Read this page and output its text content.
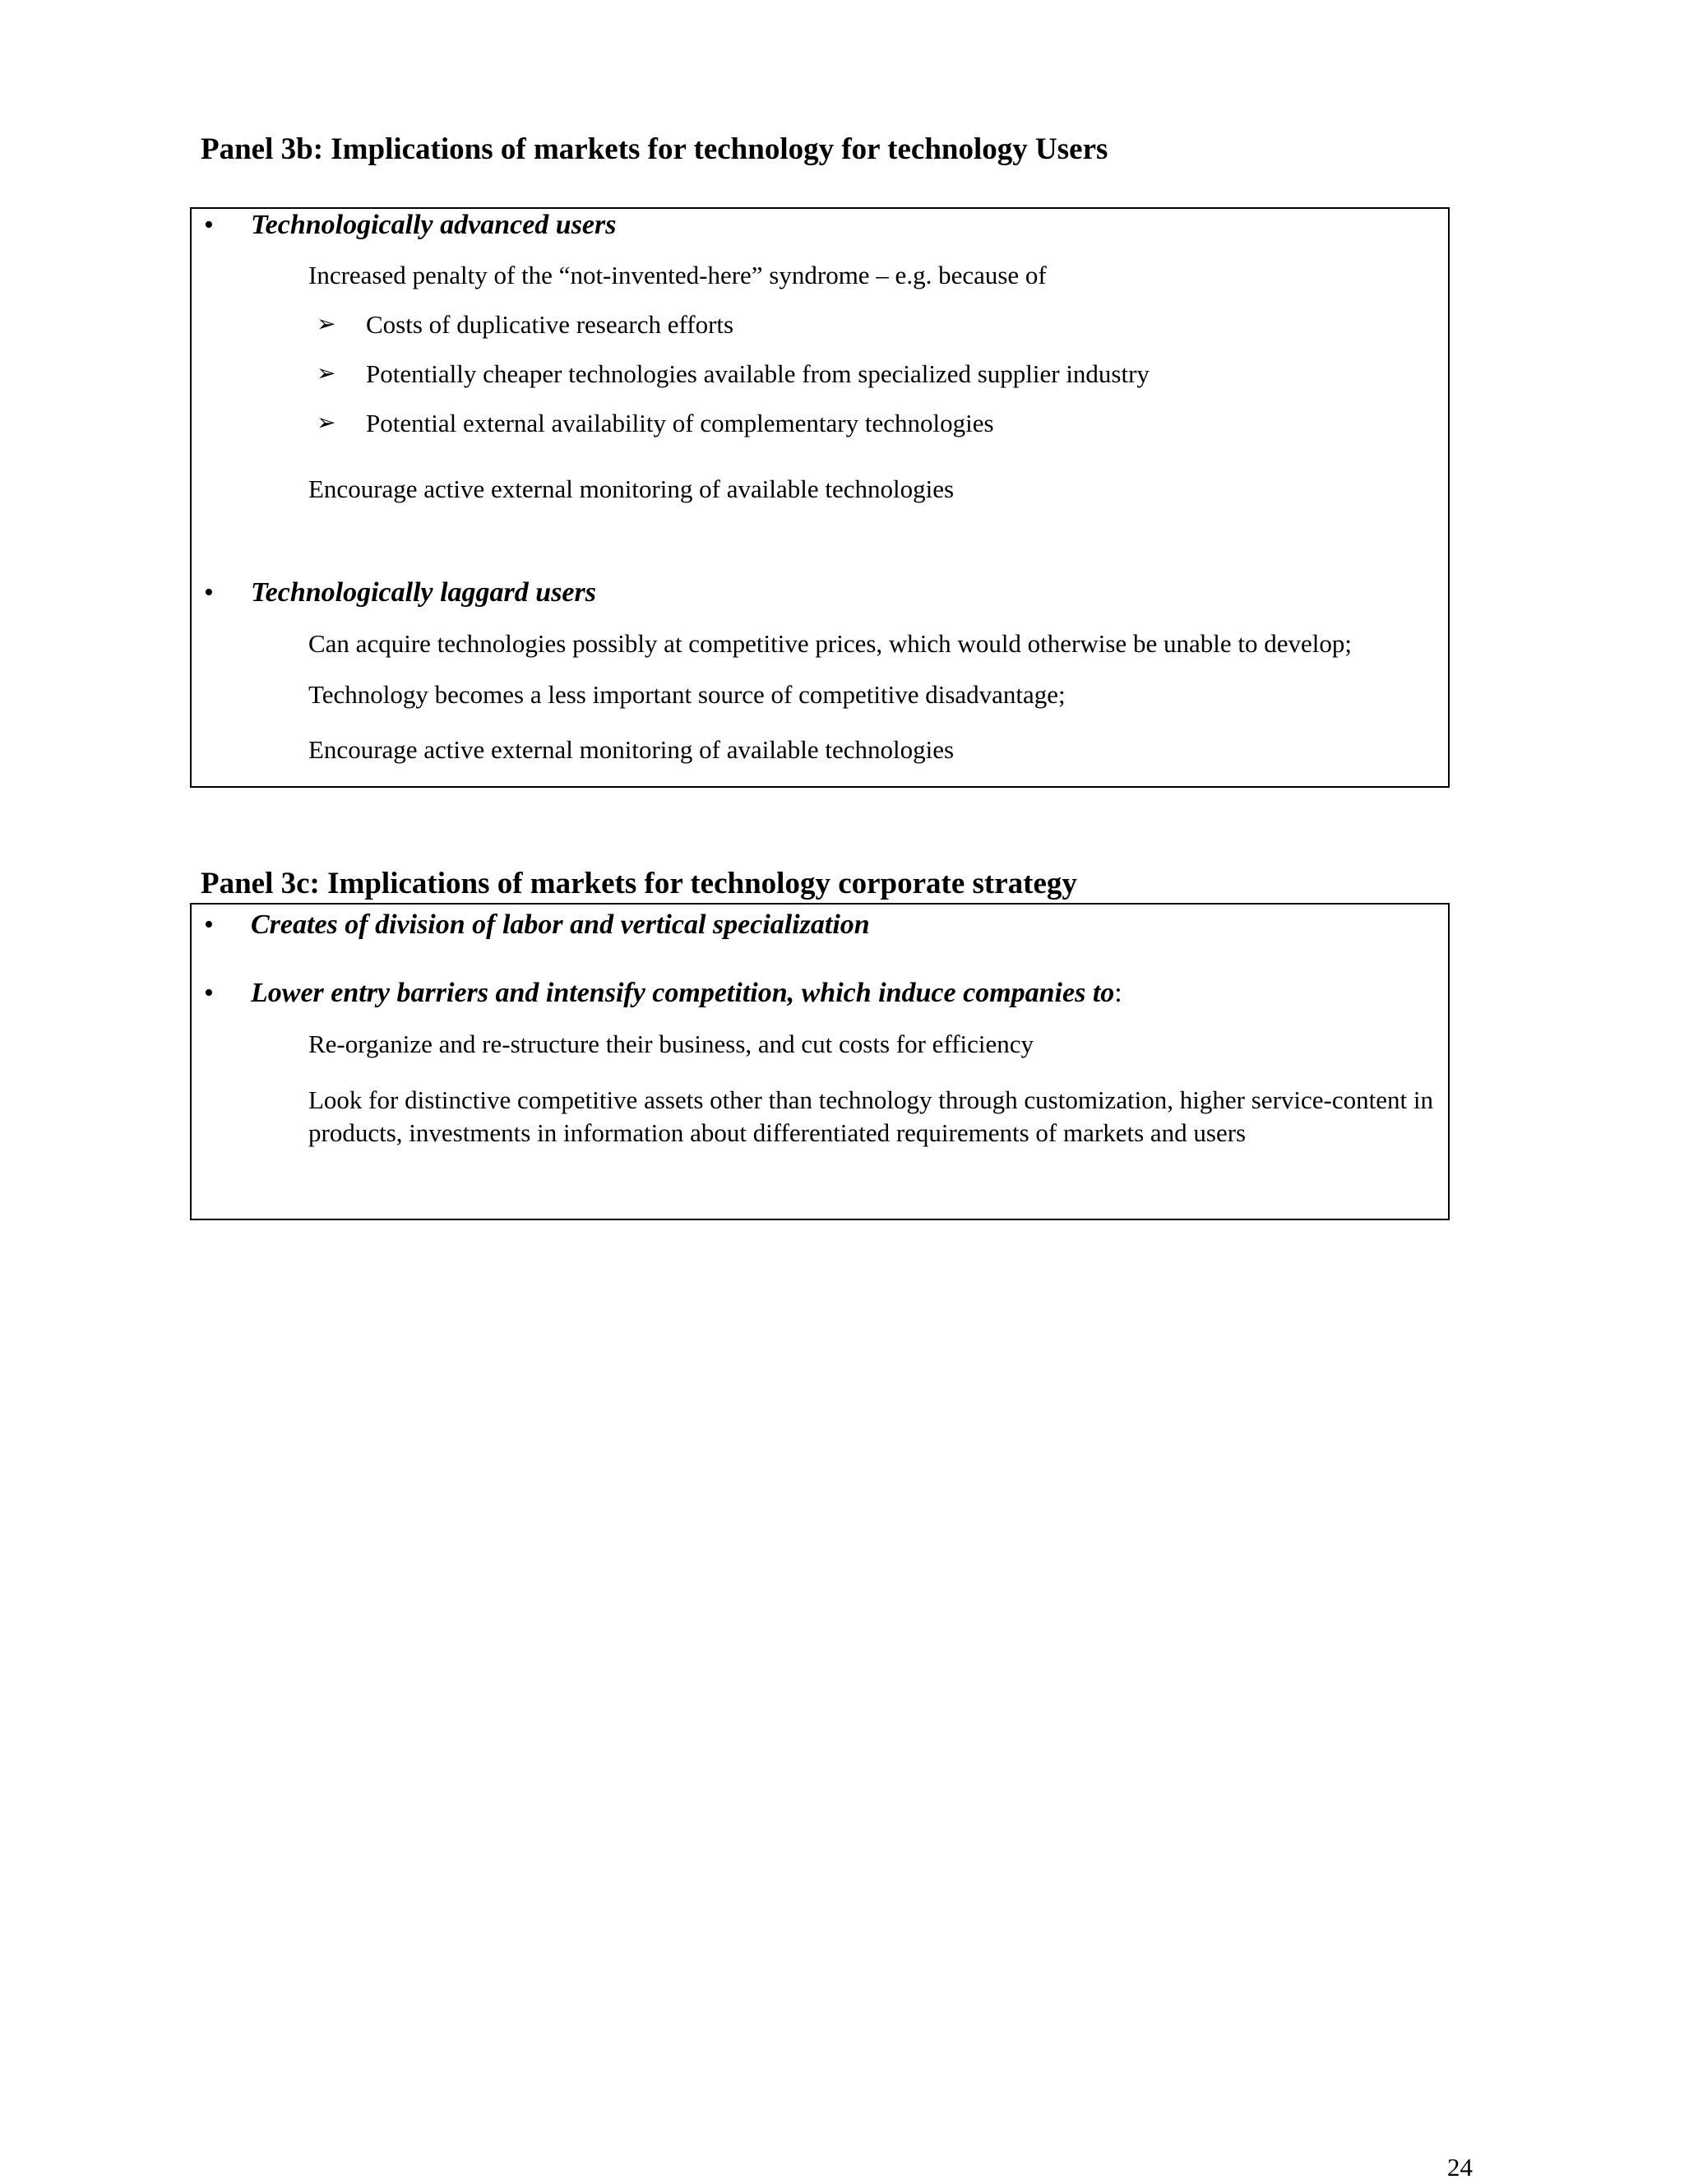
Panel 3b: Implications of markets for technology for technology Users
• Technologically advanced users
Increased penalty of the “not-invented-here” syndrome – e.g. because of
➢ Costs of duplicative research efforts
➢ Potentially cheaper technologies available from specialized supplier industry
➢ Potential external availability of complementary technologies
Encourage active external monitoring of available technologies
• Technologically laggard users
Can acquire technologies possibly at competitive prices, which would otherwise be unable to develop;
Technology becomes a less important source of competitive disadvantage;
Encourage active external monitoring of available technologies
Panel 3c: Implications of markets for technology corporate strategy
• Creates of division of labor and vertical specialization
• Lower entry barriers and intensify competition, which induce companies to:
Re-organize and re-structure their business, and cut costs for efficiency
Look for distinctive competitive assets other than technology through customization, higher service-content in products, investments in information about differentiated requirements of markets and users
24
